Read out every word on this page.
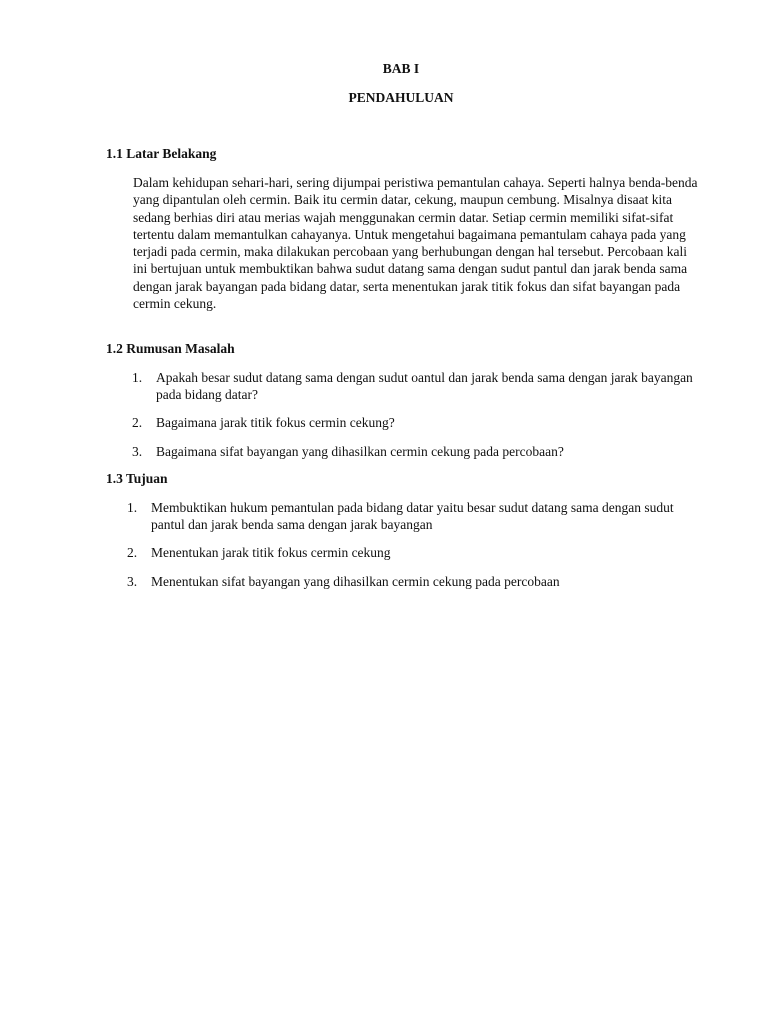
BAB I
PENDAHULUAN
1.1 Latar Belakang
Dalam kehidupan sehari-hari, sering dijumpai peristiwa pemantulan cahaya. Seperti halnya benda-benda yang dipantulan oleh cermin. Baik itu cermin datar, cekung, maupun cembung. Misalnya disaat kita sedang berhias diri atau merias wajah menggunakan cermin datar. Setiap cermin memiliki sifat-sifat tertentu dalam memantulkan cahayanya. Untuk mengetahui bagaimana pemantulam cahaya pada yang terjadi pada cermin, maka dilakukan percobaan yang berhubungan dengan hal tersebut. Percobaan kali ini bertujuan untuk membuktikan bahwa sudut datang sama dengan sudut pantul dan jarak benda sama dengan jarak bayangan pada bidang datar, serta menentukan jarak titik fokus dan sifat bayangan pada cermin cekung.
1.2 Rumusan Masalah
1. Apakah besar sudut datang sama dengan sudut oantul dan jarak benda sama dengan jarak bayangan pada bidang datar?
2. Bagaimana jarak titik fokus cermin cekung?
3. Bagaimana sifat bayangan yang dihasilkan cermin cekung pada percobaan?
1.3 Tujuan
1. Membuktikan hukum pemantulan pada bidang datar yaitu besar sudut datang sama dengan sudut pantul dan jarak benda sama dengan jarak bayangan
2. Menentukan jarak titik fokus cermin cekung
3. Menentukan sifat bayangan yang dihasilkan cermin cekung pada percobaan
